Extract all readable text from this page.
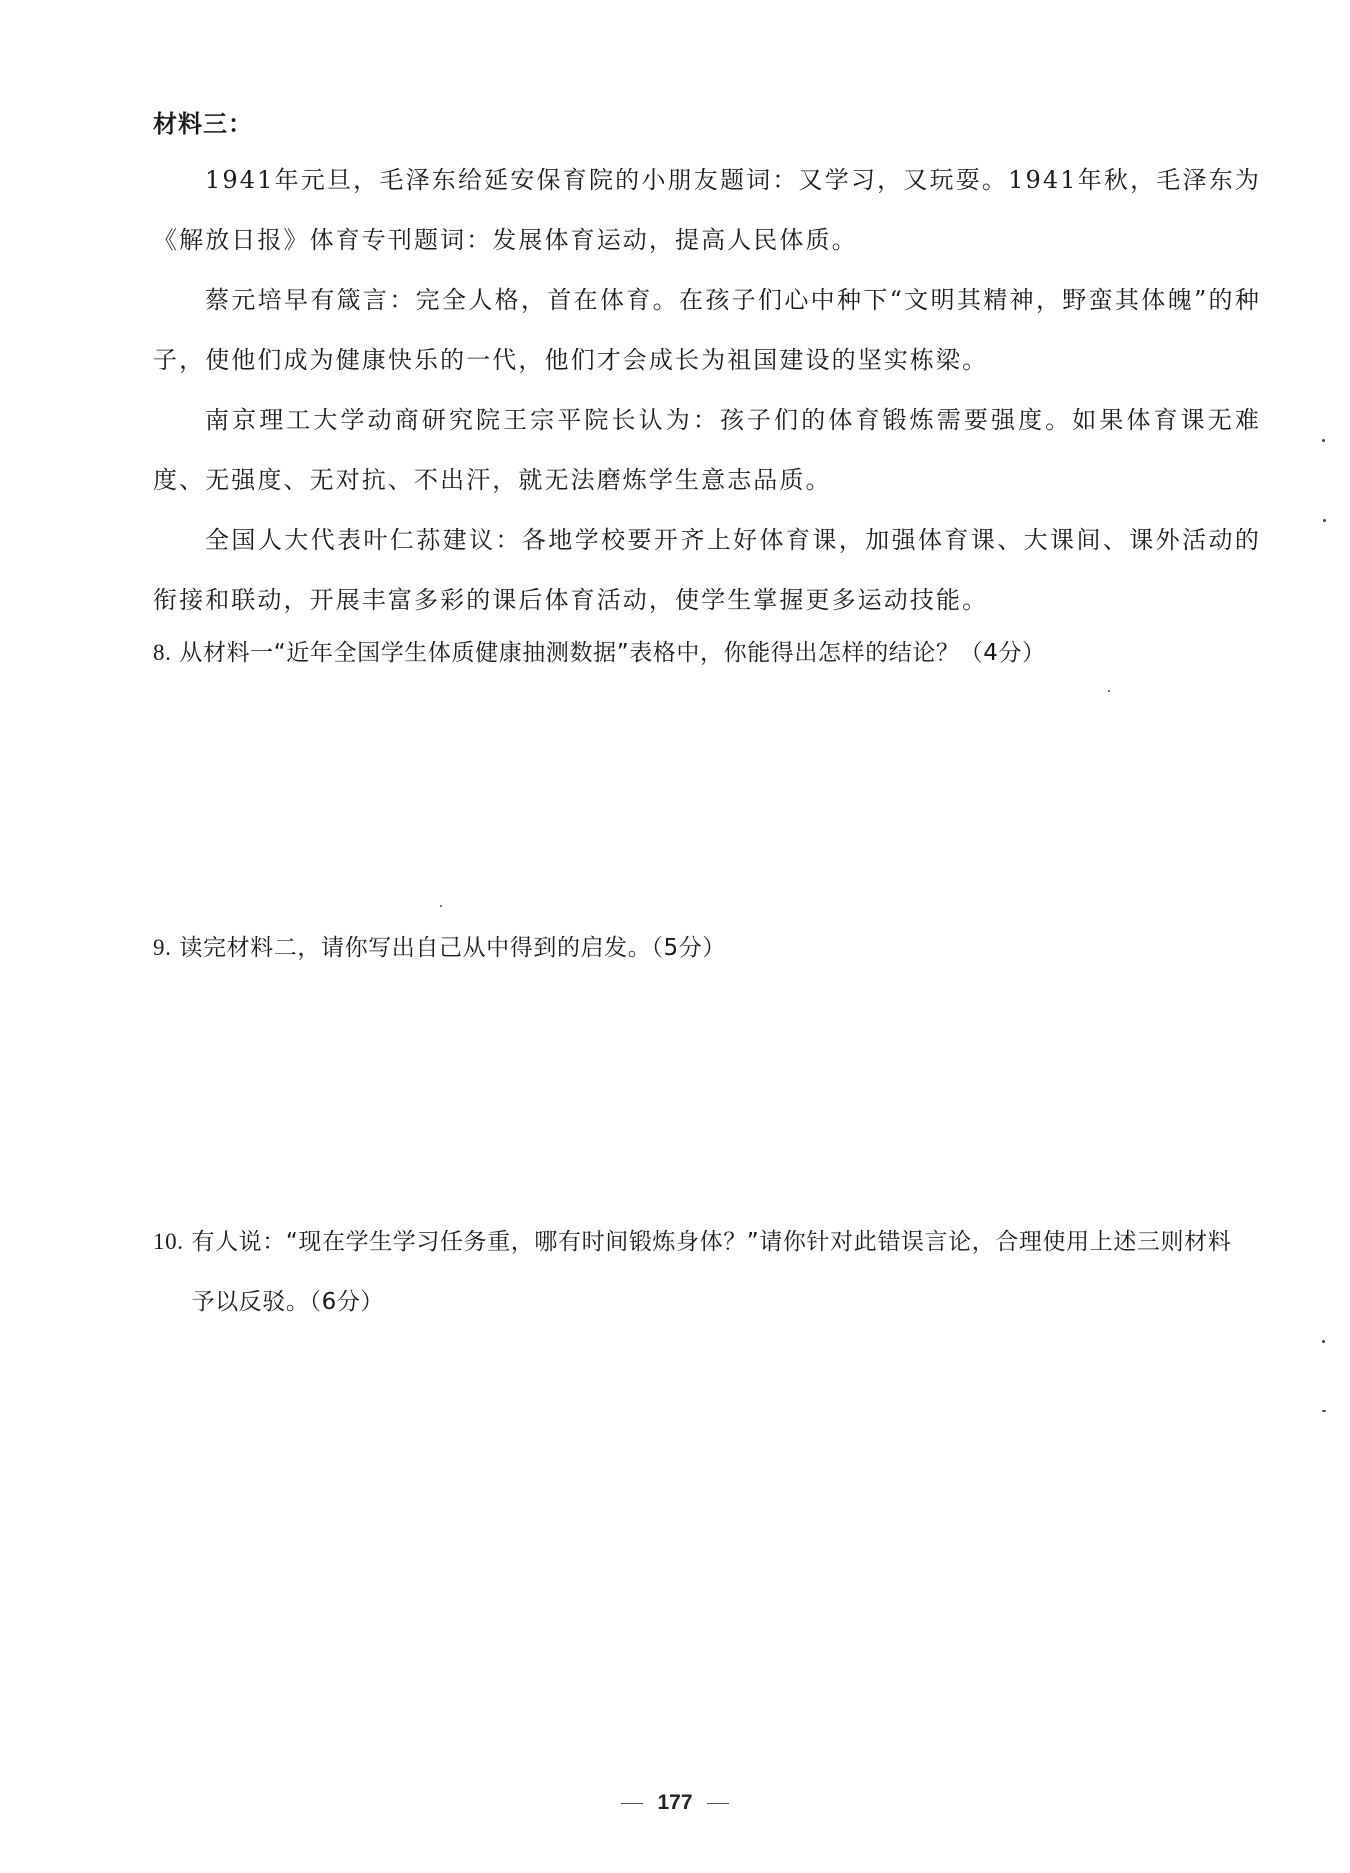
材料三：
1941年元旦，毛泽东给延安保育院的小朋友题词：又学习，又玩耍。1941年秋，毛泽东为《解放日报》体育专刊题词：发展体育运动，提高人民体质。
蔡元培早有箴言：完全人格，首在体育。在孩子们心中种下“文明其精神，野蛮其体魄”的种子，使他们成为健康快乐的一代，他们才会成长为祖国建设的坚实栋梁。
南京理工大学动商研究院王宗平院长认为：孩子们的体育锻炼需要强度。如果体育课无难度、无强度、无对抗、不出汗，就无法磨炼学生意志品质。
全国人大代表叶仁荪建议：各地学校要开齐上好体育课，加强体育课、大课间、课外活动的衔接和联动，开展丰富多彩的课后体育活动，使学生掌握更多运动技能。
8. 从材料一“近年全国学生体质健康抽测数据”表格中，你能得出怎样的结论？（4分）
9. 读完材料二，请你写出自己从中得到的启发。（5分）
10. 有人说：“现在学生学习任务重，哪有时间锻炼身体？”请你针对此错误言论，合理使用上述三则材料予以反驳。（6分）
177
